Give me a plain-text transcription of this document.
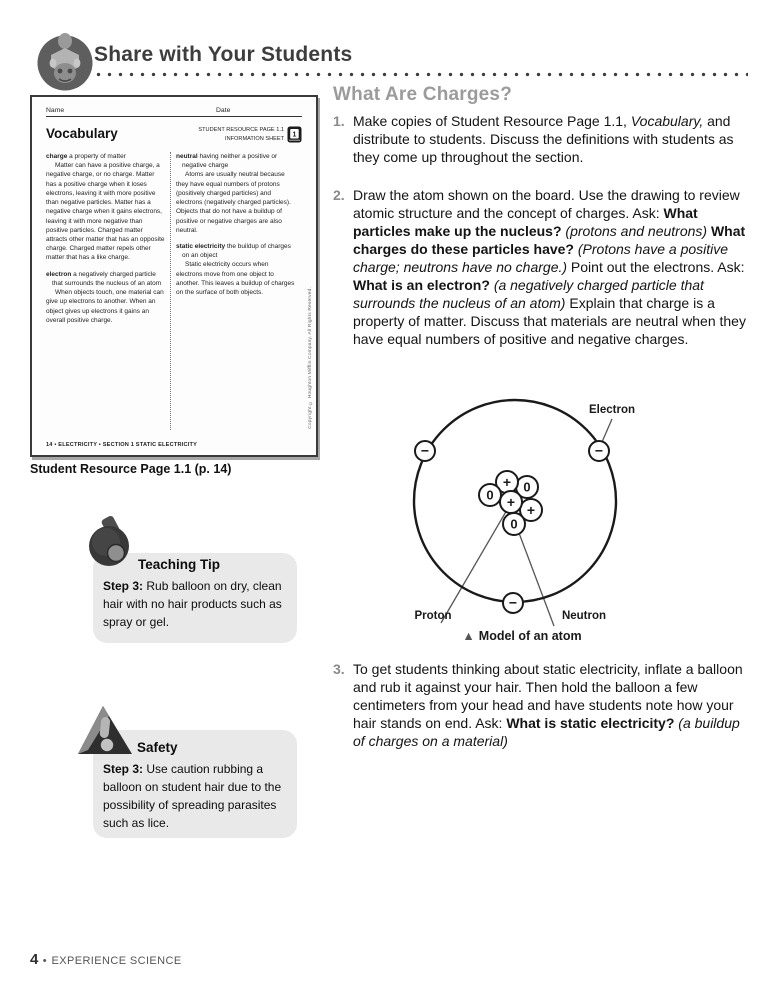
Share with Your Students
Name	Date
Vocabulary	STUDENT RESOURCE PAGE 1.1
INFORMATION SHEET
1

charge a property of matter

Matter can have a positive charge, a negative charge, or no charge. Matter has a positive charge when it loses electrons, leaving it with more positive than negative particles. Matter has a negative charge when it gains electrons, leaving it with more negative than positive particles. Charged matter attracts other matter that has an opposite charge. Charged matter repels other matter that has a like charge.

electron a negatively charged particle that surrounds the nucleus of an atom

When objects touch, one material can give up electrons to another. When an object gives up electrons it gains an overall positive charge.

neutral having neither a positive or negative charge

Atoms are usually neutral because they have equal numbers of protons (positively charged particles) and electrons (negatively charged particles). Objects that do not have a buildup of positive or negative charges are also neutral.

static electricity the buildup of charges on an object

Static electricity occurs when electrons move from one object to another. This leaves a buildup of charges on the surface of both objects.	Copyright © Houghton Mifflin Company. All Rights Reserved.
14 • ELECTRICITY • SECTION 1 STATIC ELECTRICITY
Student Resource Page 1.1 (p. 14)
Teaching Tip
Step 3: Rub balloon on dry, clean hair with no hair products such as spray or gel.
Safety
Step 3: Use caution rubbing a balloon on student hair due to the possibility of spreading parasites such as lice.
What Are Charges?
1. Make copies of Student Resource Page 1.1, Vocabulary, and distribute to students. Discuss the definitions with students as they come up throughout the section.
2. Draw the atom shown on the board. Use the drawing to review atomic structure and the concept of charges. Ask: What particles make up the nucleus? (protons and neutrons) What charges do these particles have? (Protons have a positive charge; neutrons have no charge.) Point out the electrons. Ask: What is an electron? (a negatively charged particle that surrounds the nucleus of an atom) Explain that charge is a property of matter. Discuss that materials are neutral when they have equal numbers of positive and negative charges.
3. To get students thinking about static electricity, inflate a balloon and rub it against your hair. Then hold the balloon a few centimeters from your head and have students note how your hair stands on end. Ask: What is static electricity? (a buildup of charges on a material)
−	−
−
0
+
0
+
+
0
Electron
Proton	Neutron
▲ Model of an atom
4 • EXPERIENCE SCIENCE
